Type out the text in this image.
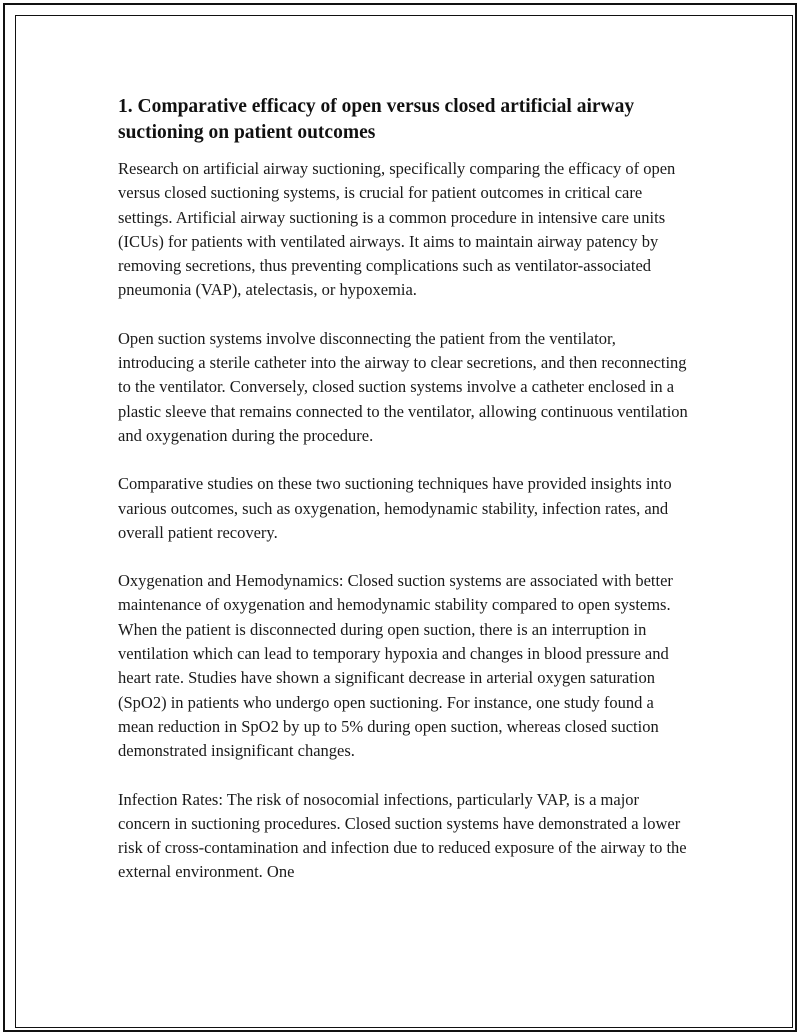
1. Comparative efficacy of open versus closed artificial airway suctioning on patient outcomes

Research on artificial airway suctioning, specifically comparing the efficacy of open versus closed suctioning systems, is crucial for patient outcomes in critical care settings. Artificial airway suctioning is a common procedure in intensive care units (ICUs) for patients with ventilated airways. It aims to maintain airway patency by removing secretions, thus preventing complications such as ventilator-associated pneumonia (VAP), atelectasis, or hypoxemia.

Open suction systems involve disconnecting the patient from the ventilator, introducing a sterile catheter into the airway to clear secretions, and then reconnecting to the ventilator. Conversely, closed suction systems involve a catheter enclosed in a plastic sleeve that remains connected to the ventilator, allowing continuous ventilation and oxygenation during the procedure.

Comparative studies on these two suctioning techniques have provided insights into various outcomes, such as oxygenation, hemodynamic stability, infection rates, and overall patient recovery.

Oxygenation and Hemodynamics: Closed suction systems are associated with better maintenance of oxygenation and hemodynamic stability compared to open systems. When the patient is disconnected during open suction, there is an interruption in ventilation which can lead to temporary hypoxia and changes in blood pressure and heart rate. Studies have shown a significant decrease in arterial oxygen saturation (SpO2) in patients who undergo open suctioning. For instance, one study found a mean reduction in SpO2 by up to 5% during open suction, whereas closed suction demonstrated insignificant changes.

Infection Rates: The risk of nosocomial infections, particularly VAP, is a major concern in suctioning procedures. Closed suction systems have demonstrated a lower risk of cross-contamination and infection due to reduced exposure of the airway to the external environment. One
